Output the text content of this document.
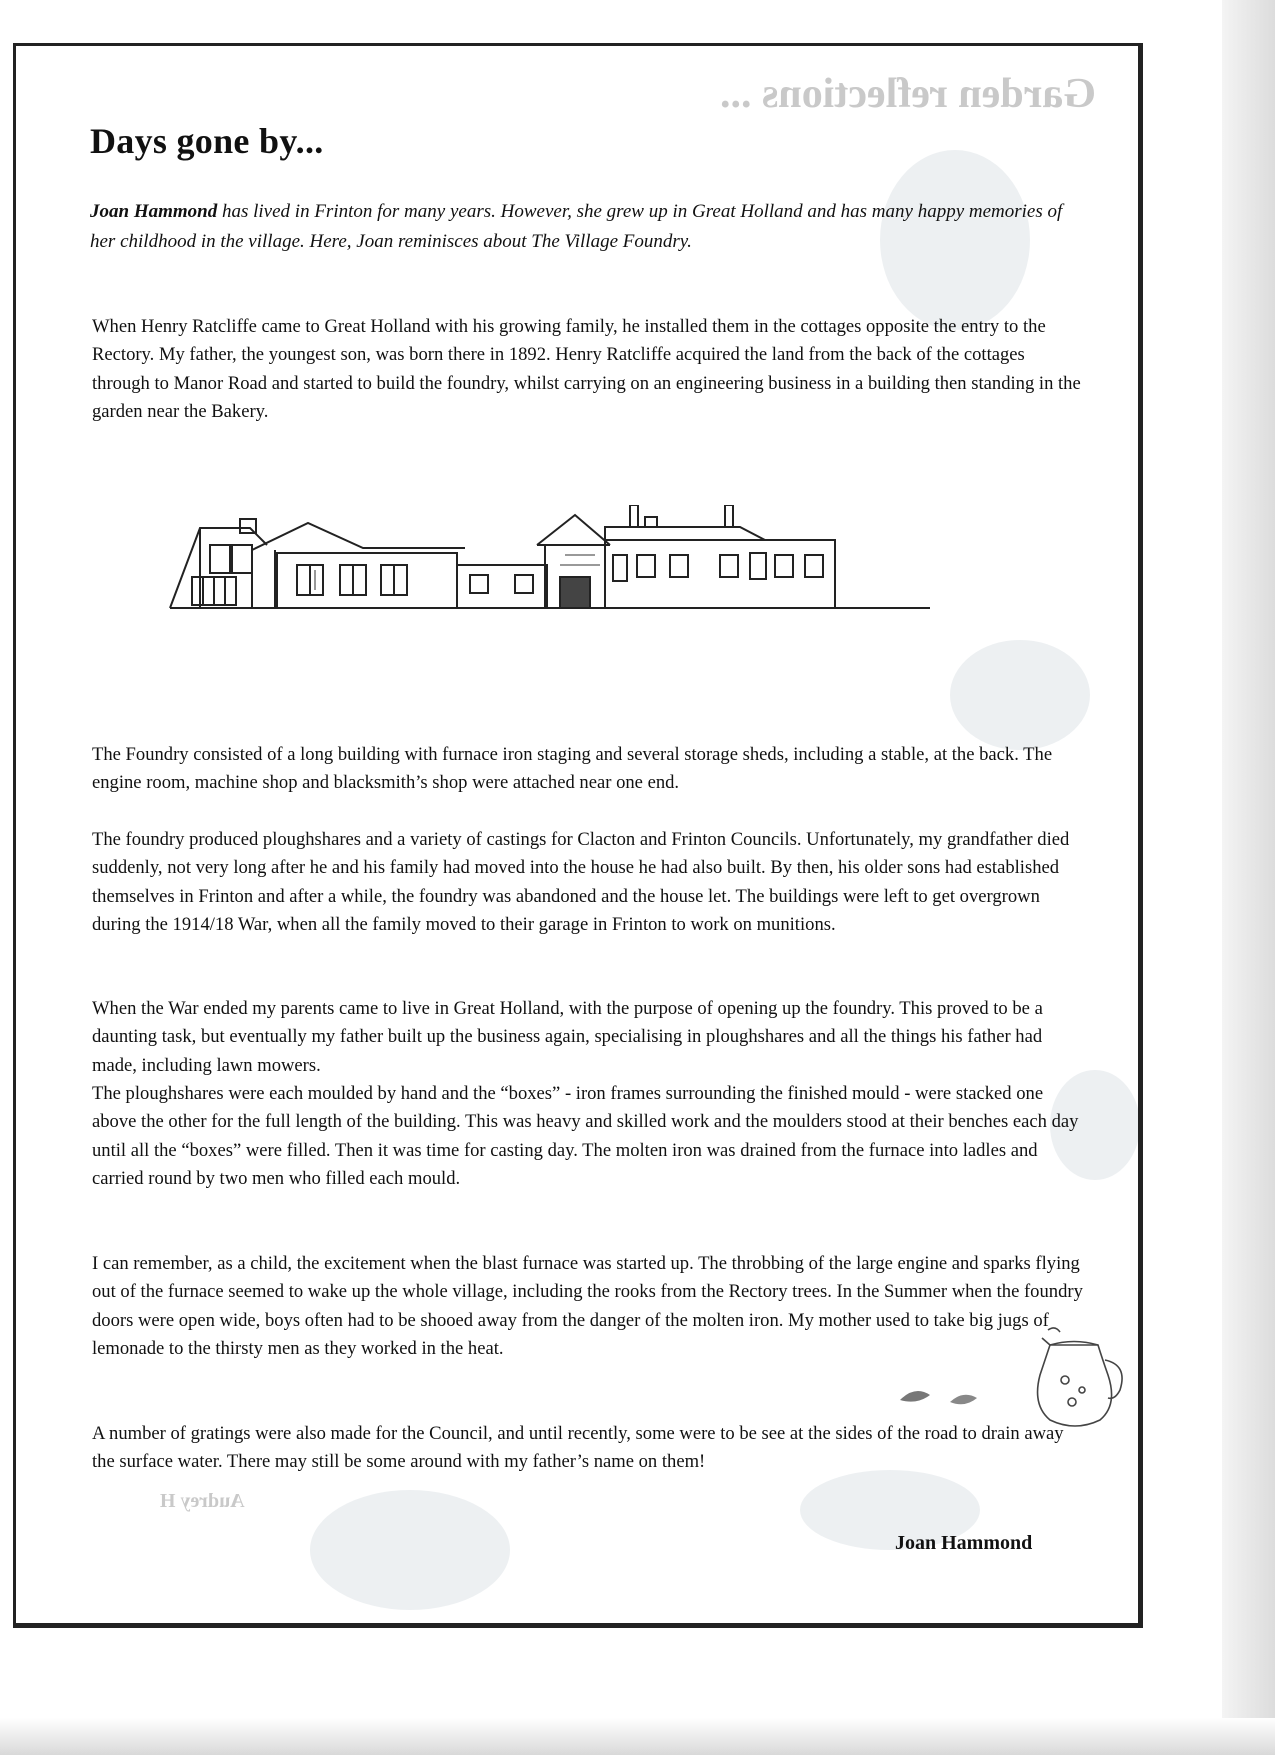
Garden reflections ...
Audrey H
Days gone by...

Joan Hammond has lived in Frinton for many years. However, she grew up in Great Holland and has many happy memories of her childhood in the village. Here, Joan reminisces about The Village Foundry.

When Henry Ratcliffe came to Great Holland with his growing family, he installed them in the cottages opposite the entry to the Rectory. My father, the youngest son, was born there in 1892. Henry Ratcliffe acquired the land from the back of the cottages through to Manor Road and started to build the foundry, whilst carrying on an engineering business in a building then standing in the garden near the Bakery.

The Foundry consisted of a long building with furnace iron staging and several storage sheds, including a stable, at the back. The engine room, machine shop and blacksmith’s shop were attached near one end.

The foundry produced ploughshares and a variety of castings for Clacton and Frinton Councils. Unfortunately, my grandfather died suddenly, not very long after he and his family had moved into the house he had also built. By then, his older sons had established themselves in Frinton and after a while, the foundry was abandoned and the house let. The buildings were left to get overgrown during the 1914/18 War, when all the family moved to their garage in Frinton to work on munitions.

When the War ended my parents came to live in Great Holland, with the purpose of opening up the foundry. This proved to be a daunting task, but eventually my father built up the business again, specialising in ploughshares and all the things his father had made, including lawn mowers.

The ploughshares were each moulded by hand and the “boxes” - iron frames surrounding the finished mould - were stacked one above the other for the full length of the building. This was heavy and skilled work and the moulders stood at their benches each day until all the “boxes” were filled. Then it was time for casting day. The molten iron was drained from the furnace into ladles and carried round by two men who filled each mould.

I can remember, as a child, the excitement when the blast furnace was started up. The throbbing of the large engine and sparks flying out of the furnace seemed to wake up the whole village, including the rooks from the Rectory trees. In the Summer when the foundry doors were open wide, boys often had to be shooed away from the danger of the molten iron. My mother used to take big jugs of lemonade to the thirsty men as they worked in the heat.

A number of gratings were also made for the Council, and until recently, some were to be see at the sides of the road to drain away the surface water. There may still be some around with my father’s name on them!

Joan Hammond
